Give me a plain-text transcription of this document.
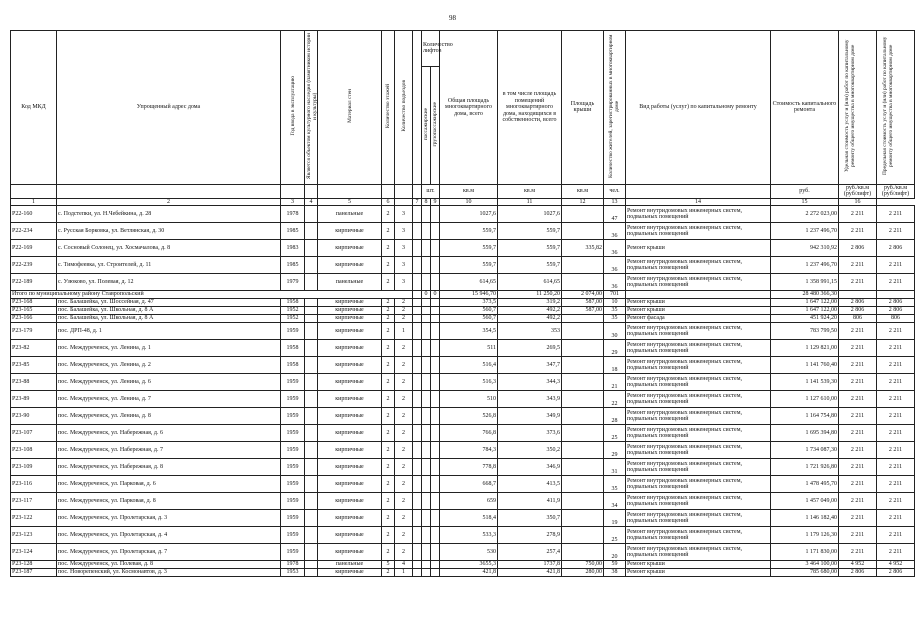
98
Код МКД	Упрощенный адрес дома	Год ввода в эксплуатацию	Является объектом культурного наследия (памятником истории и культуры)	Материал стен	Количество этажей	Количество подъездов		Количество лифтов		Общая площадь многоквартирного дома, всего	в том числе площадь помещений многоквартирного дома, находящихся в собственности, всего	Площадь крыши	Количество жителей, зарегистрированных в многоквартирном доме	Вид работы (услуг) по капитальному ремонту	Стоимость капитального ремонта	Удельная стоимость услуг и (или) работ по капитальному ремонту общего имущества в многоквартирном доме	Предельная стоимость услуг и (или) работ по капитальному ремонту общего имущества в многоквартирном доме
								пассажирские	грузопассажирские								
								шт.		кв.м	кв.м	кв.м	чел.		руб.	руб./кв.м (руб/лифт)	руб./кв.м (руб/лифт)
1	2	3	4	5	6		7	8	9	10	11	12	13	14	15	16	
Р22-160	с. Подстепки, ул. Н.Чебейкина, д. 28	1978		панельные	2	3				1027,6	1027,6		47	Ремонт внутридомовых инженерных систем, подвальных помещений	2 272 023,00	2 211	2 211
Р22-234	с. Русская Борковка, ул. Ветлянская, д. 30	1985		кирпичные	2	3				559,7	559,7		36	Ремонт внутридомовых инженерных систем, подвальных помещений	1 237 496,70	2 211	2 211
Р22-169	с. Сосновый Солонец, ул. Хосмачалова, д. 8	1983		кирпичные	2	3				559,7	559,7	335,82	36	Ремонт крыши	942 310,92	2 806	2 806
Р22-239	с. Тимофеевка, ул. Строителей, д. 11	1985		кирпичные	2	3				559,7	559,7		36	Ремонт внутридомовых инженерных систем, подвальных помещений	1 237 496,70	2 211	2 211
Р22-189	с. Узюково, ул. Полевая, д. 12	1979		панельные	2	3				614,65	614,65		36	Ремонт внутридомовых инженерных систем, подвальных помещений	1 358 991,15	2 211	2 211
Итого по муниципальному району Ставропольский								0	0	15 946,70	11 250,20	2 074,00	701		28 480 366,30		
Р23-168	пос. Балашейка, ул. Шоссейная, д. 47	1958		кирпичные	2	2				373,5	319,2	587,00	10	Ремонт крыши	1 647 122,00	2 806	2 806
Р23-165	пос. Балашейка, ул. Школьная, д. 8 А	1952		кирпичные	2	2				560,7	492,2	587,00	35	Ремонт крыши	1 647 122,00	2 806	2 806
Р23-166	пос. Балашейка, ул. Школьная, д. 8 А	1952		кирпичные	2	2				560,7	492,2		35	Ремонт фасада	451 924,20	806	806
Р23-179	пос. ДРП-48, д. 1	1959		кирпичные	2	1				354,5	353		30	Ремонт внутридомовых инженерных систем, подвальных помещений	783 799,50	2 211	2 211
Р23-82	пос. Междуреченск, ул. Ленина, д. 1	1958		кирпичные	2	2				511	269,5		29	Ремонт внутридомовых инженерных систем, подвальных помещений	1 129 821,00	2 211	2 211
Р23-85	пос. Междуреченск, ул. Ленина, д. 2	1958		кирпичные	2	2				516,4	347,7		18	Ремонт внутридомовых инженерных систем, подвальных помещений	1 141 760,40	2 211	2 211
Р23-88	пос. Междуреченск, ул. Ленина, д. 6	1959		кирпичные	2	2				516,3	344,3		21	Ремонт внутридомовых инженерных систем, подвальных помещений	1 141 539,30	2 211	2 211
Р23-89	пос. Междуреченск, ул. Ленина, д. 7	1959		кирпичные	2	2				510	343,9		22	Ремонт внутридомовых инженерных систем, подвальных помещений	1 127 610,00	2 211	2 211
Р23-90	пос. Междуреченск, ул. Ленина, д. 8	1959		кирпичные	2	2				526,8	349,9		28	Ремонт внутридомовых инженерных систем, подвальных помещений	1 164 754,80	2 211	2 211
Р23-107	пос. Междуреченск, ул. Набережная, д. 6	1959		кирпичные	2	2				766,8	373,6		25	Ремонт внутридомовых инженерных систем, подвальных помещений	1 695 394,80	2 211	2 211
Р23-108	пос. Междуреченск, ул. Набережная, д. 7	1959		кирпичные	2	2				784,3	350,2		29	Ремонт внутридомовых инженерных систем, подвальных помещений	1 734 087,30	2 211	2 211
Р23-109	пос. Междуреченск, ул. Набережная, д. 8	1959		кирпичные	2	2				778,8	346,9		31	Ремонт внутридомовых инженерных систем, подвальных помещений	1 721 926,80	2 211	2 211
Р23-116	пос. Междуреченск, ул. Парковая, д. 6	1959		кирпичные	2	2				668,7	413,5		35	Ремонт внутридомовых инженерных систем, подвальных помещений	1 478 495,70	2 211	2 211
Р23-117	пос. Междуреченск, ул. Парковая, д. 8	1959		кирпичные	2	2				659	411,9		34	Ремонт внутридомовых инженерных систем, подвальных помещений	1 457 049,00	2 211	2 211
Р23-122	пос. Междуреченск, ул. Пролетарская, д. 3	1959		кирпичные	2	2				518,4	350,7		19	Ремонт внутридомовых инженерных систем, подвальных помещений	1 146 182,40	2 211	2 211
Р23-123	пос. Междуреченск, ул. Пролетарская, д. 4	1959		кирпичные	2	2				533,3	278,9		25	Ремонт внутридомовых инженерных систем, подвальных помещений	1 179 126,30	2 211	2 211
Р23-124	пос. Междуреченск, ул. Пролетарская, д. 7	1959		кирпичные	2	2				530	257,4		20	Ремонт внутридомовых инженерных систем, подвальных помещений	1 171 830,00	2 211	2 211
Р23-128	пос. Междуреченск, ул. Полевая, д. 8	1978		панельные	5	4				3655,3	1737,8	750,00	59	Ремонт крыши	3 464 100,00	4 952	4 952
Р23-187	пос. Новорепенский, ул. Космонавтов, д. 3	1953		кирпичные	2	1				421,8	421,8	280,00	38	Ремонт крыши	785 680,00	2 806	2 806
